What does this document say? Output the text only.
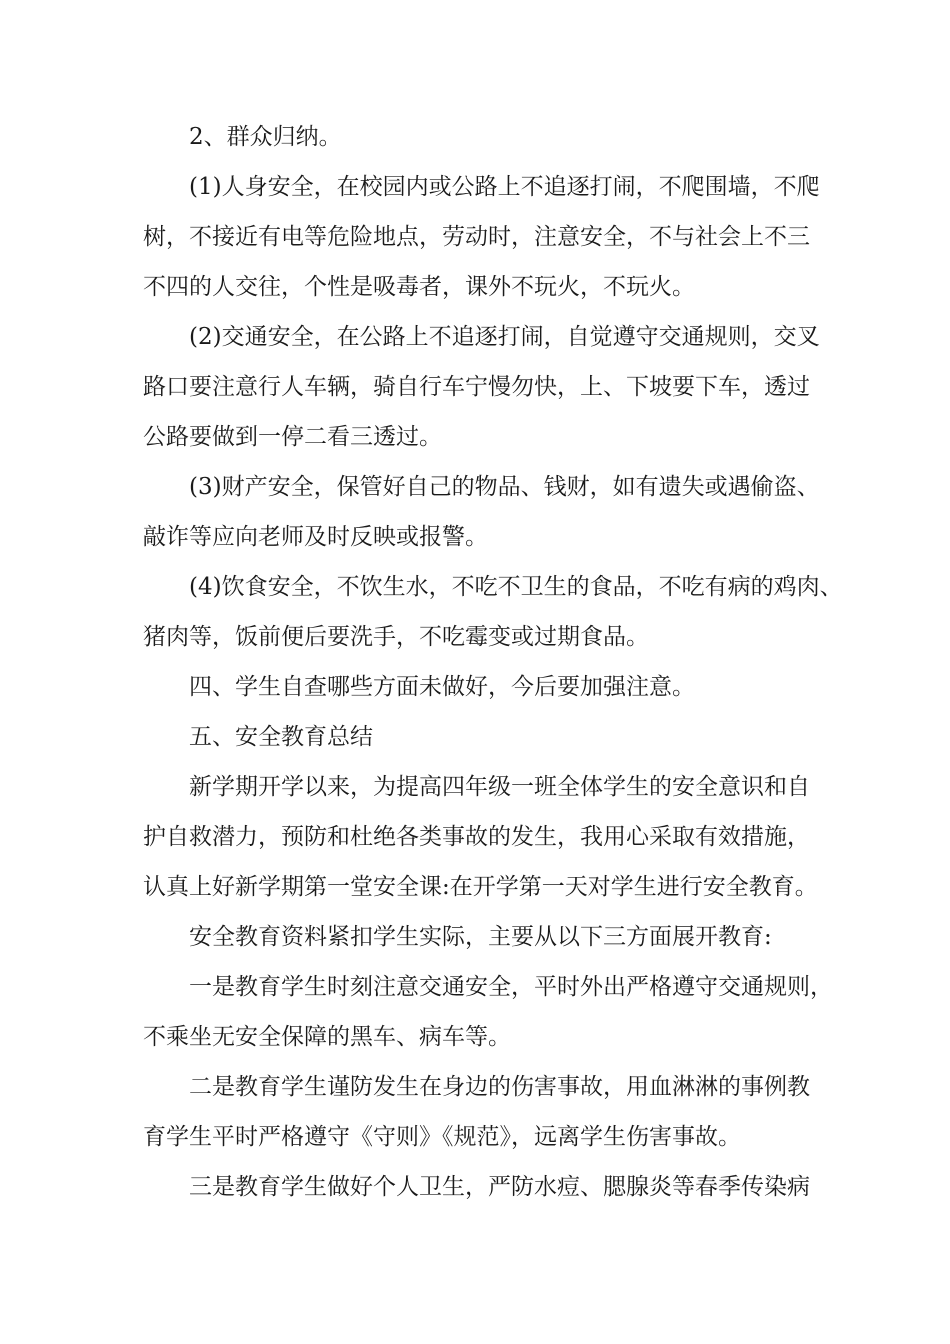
2、群众归纳。
(1)人身安全，在校园内或公路上不追逐打闹，不爬围墙，不爬
树，不接近有电等危险地点，劳动时，注意安全，不与社会上不三
不四的人交往，个性是吸毒者，课外不玩火，不玩火。
(2)交通安全，在公路上不追逐打闹，自觉遵守交通规则，交叉
路口要注意行人车辆，骑自行车宁慢勿快，上、下坡要下车，透过
公路要做到一停二看三透过。
(3)财产安全，保管好自己的物品、钱财，如有遗失或遇偷盗、
敲诈等应向老师及时反映或报警。
(4)饮食安全，不饮生水，不吃不卫生的食品，不吃有病的鸡肉、
猪肉等，饭前便后要洗手，不吃霉变或过期食品。
四、学生自查哪些方面未做好，今后要加强注意。
五、安全教育总结
新学期开学以来，为提高四年级一班全体学生的安全意识和自
护自救潜力，预防和杜绝各类事故的发生，我用心采取有效措施，
认真上好新学期第一堂安全课:在开学第一天对学生进行安全教育。
安全教育资料紧扣学生实际，主要从以下三方面展开教育:
一是教育学生时刻注意交通安全，平时外出严格遵守交通规则，
不乘坐无安全保障的黑车、病车等。
二是教育学生谨防发生在身边的伤害事故，用血淋淋的事例教
育学生平时严格遵守《守则》《规范》，远离学生伤害事故。
三是教育学生做好个人卫生，严防水痘、腮腺炎等春季传染病
